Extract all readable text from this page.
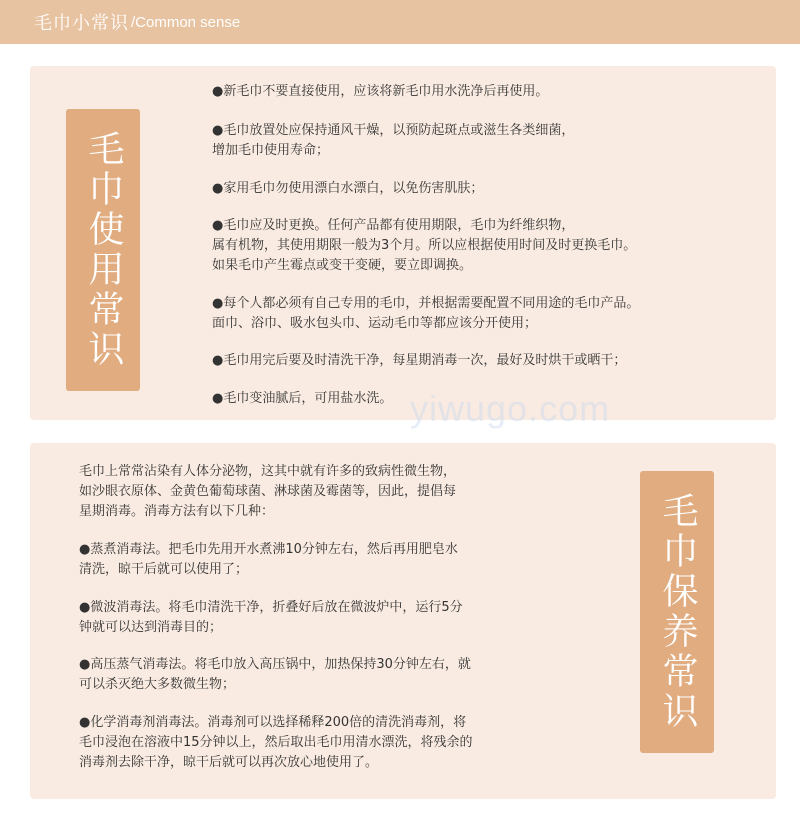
毛巾小常识 /Common sense
毛巾使用常识
●新毛巾不要直接使用，应该将新毛巾用水洗净后再使用。
●毛巾放置处应保持通风干燥，以预防起斑点或滋生各类细菌，
增加毛巾使用寿命；
●家用毛巾勿使用漂白水漂白，以免伤害肌肤；
●毛巾应及时更换。任何产品都有使用期限，毛巾为纤维织物，
属有机物，其使用期限一般为3个月。所以应根据使用时间及时更换毛巾。
如果毛巾产生霉点或变干变硬，要立即调换。
●每个人都必须有自己专用的毛巾，并根据需要配置不同用途的毛巾产品。
面巾、浴巾、吸水包头巾、运动毛巾等都应该分开使用；
●毛巾用完后要及时清洗干净，每星期消毒一次，最好及时烘干或晒干；
●毛巾变油腻后，可用盐水洗。 yiwugo.com
毛巾保养常识
毛巾上常常沾染有人体分泌物，这其中就有许多的致病性微生物，
如沙眼衣原体、金黄色葡萄球菌、淋球菌及霉菌等，因此，提倡每
星期消毒。消毒方法有以下几种：
●蒸煮消毒法。把毛巾先用开水煮沸10分钟左右，然后再用肥皂水
清洗，晾干后就可以使用了；
●微波消毒法。将毛巾清洗干净，折叠好后放在微波炉中，运行5分
钟就可以达到消毒目的；
●高压蒸气消毒法。将毛巾放入高压锅中，加热保持30分钟左右，就
可以杀灭绝大多数微生物；
●化学消毒剂消毒法。消毒剂可以选择稀释200倍的清洗消毒剂，将
毛巾浸泡在溶液中15分钟以上，然后取出毛巾用清水漂洗，将残余的
消毒剂去除干净，晾干后就可以再次放心地使用了。
